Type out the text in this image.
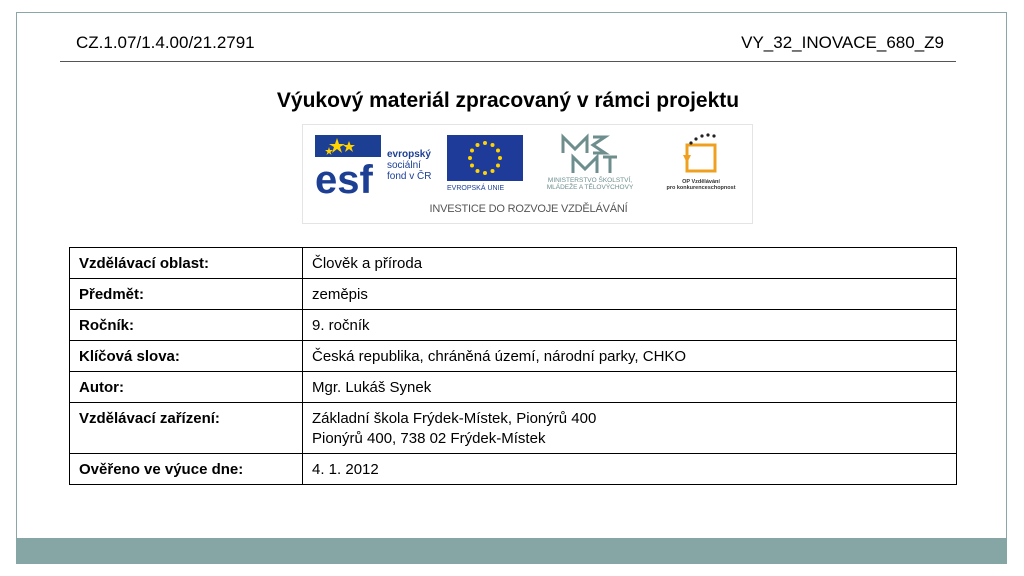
CZ.1.07/1.4.00/21.2791	VY_32_INOVACE_680_Z9
Výukový materiál zpracovaný v rámci projektu
esf
evropský
sociální
fond v ČR
EVROPSKÁ UNIE
MINISTERSTVO ŠKOLSTVÍ,
MLÁDEŽE A TĚLOVÝCHOVY
OP Vzdělávání
pro konkurenceschopnost
INVESTICE DO ROZVOJE VZDĚLÁVÁNÍ
Vzdělávací oblast:	Člověk a příroda
Předmět:	zeměpis
Ročník:	9. ročník
Klíčová slova:	Česká republika, chráněná území, národní parky, CHKO
Autor:	Mgr. Lukáš Synek
Vzdělávací zařízení:	Základní škola Frýdek-Místek, Pionýrů 400
Pionýrů 400, 738 02 Frýdek-Místek

Ověřeno ve výuce dne:	4. 1. 2012
